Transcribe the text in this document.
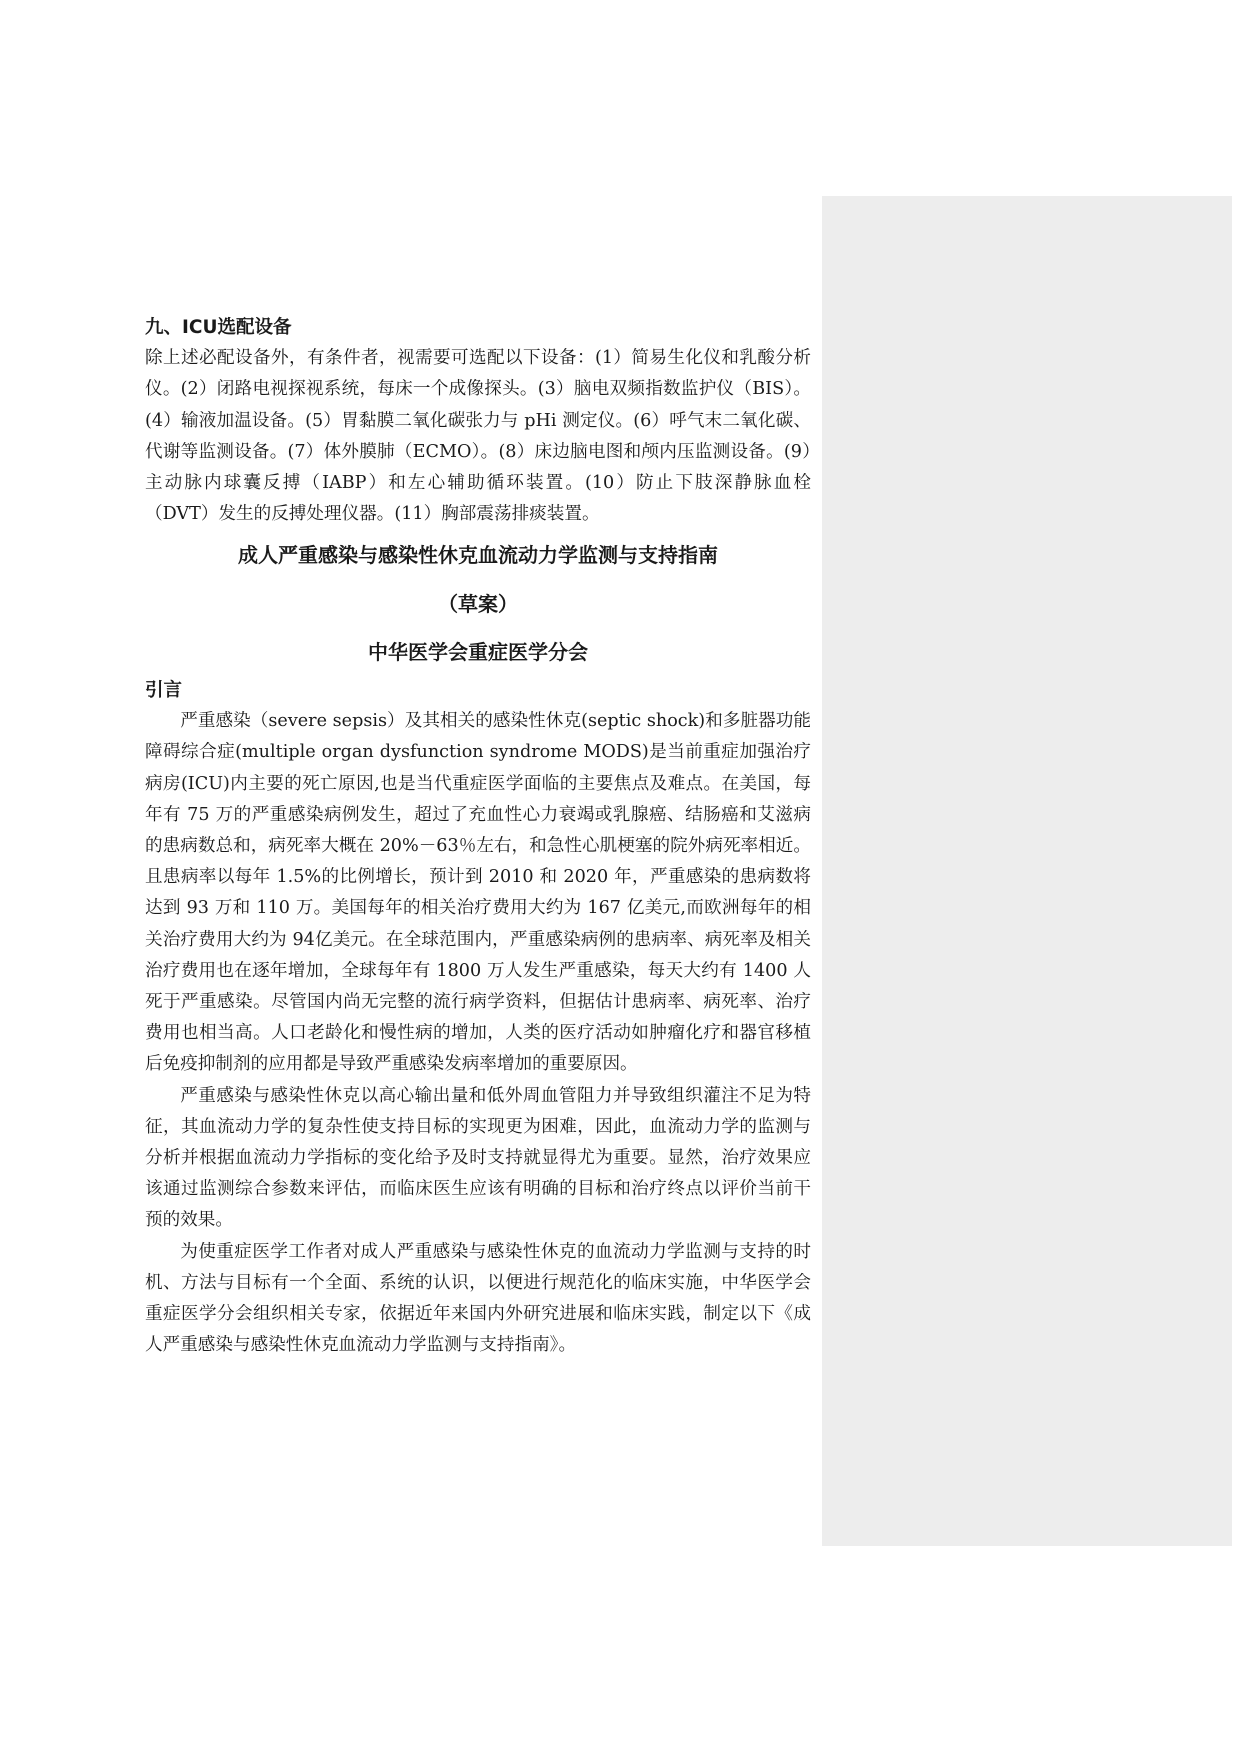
九、ICU选配设备

除上述必配设备外，有条件者，视需要可选配以下设备：(1）简易生化仪和乳酸分析仪。(2）闭路电视探视系统，每床一个成像探头。(3）脑电双频指数监护仪（BIS）。(4）输液加温设备。(5）胃黏膜二氧化碳张力与 pHi 测定仪。(6）呼气末二氧化碳、代谢等监测设备。(7）体外膜肺（ECMO）。(8）床边脑电图和颅内压监测设备。(9）主动脉内球囊反搏（IABP）和左心辅助循环装置。(10）防止下肢深静脉血栓（DVT）发生的反搏处理仪器。(11）胸部震荡排痰装置。

成人严重感染与感染性休克血流动力学监测与支持指南

（草案）

中华医学会重症医学分会

引言

严重感染（severe sepsis）及其相关的感染性休克(septic shock)和多脏器功能障碍综合症(multiple organ dysfunction syndrome MODS)是当前重症加强治疗病房(ICU)内主要的死亡原因,也是当代重症医学面临的主要焦点及难点。在美国，每年有 75 万的严重感染病例发生，超过了充血性心力衰竭或乳腺癌、结肠癌和艾滋病的患病数总和，病死率大概在 20%－63％左右，和急性心肌梗塞的院外病死率相近。且患病率以每年 1.5%的比例增长，预计到 2010 和 2020 年，严重感染的患病数将达到 93 万和 110 万。美国每年的相关治疗费用大约为 167 亿美元,而欧洲每年的相关治疗费用大约为 94亿美元。在全球范围内，严重感染病例的患病率、病死率及相关治疗费用也在逐年增加，全球每年有 1800 万人发生严重感染，每天大约有 1400 人死于严重感染。尽管国内尚无完整的流行病学资料，但据估计患病率、病死率、治疗费用也相当高。人口老龄化和慢性病的增加，人类的医疗活动如肿瘤化疗和器官移植后免疫抑制剂的应用都是导致严重感染发病率增加的重要原因。

严重感染与感染性休克以高心输出量和低外周血管阻力并导致组织灌注不足为特征，其血流动力学的复杂性使支持目标的实现更为困难，因此，血流动力学的监测与分析并根据血流动力学指标的变化给予及时支持就显得尤为重要。显然，治疗效果应该通过监测综合参数来评估，而临床医生应该有明确的目标和治疗终点以评价当前干预的效果。

为使重症医学工作者对成人严重感染与感染性休克的血流动力学监测与支持的时机、方法与目标有一个全面、系统的认识，以便进行规范化的临床实施，中华医学会重症医学分会组织相关专家，依据近年来国内外研究进展和临床实践，制定以下《成人严重感染与感染性休克血流动力学监测与支持指南》。
